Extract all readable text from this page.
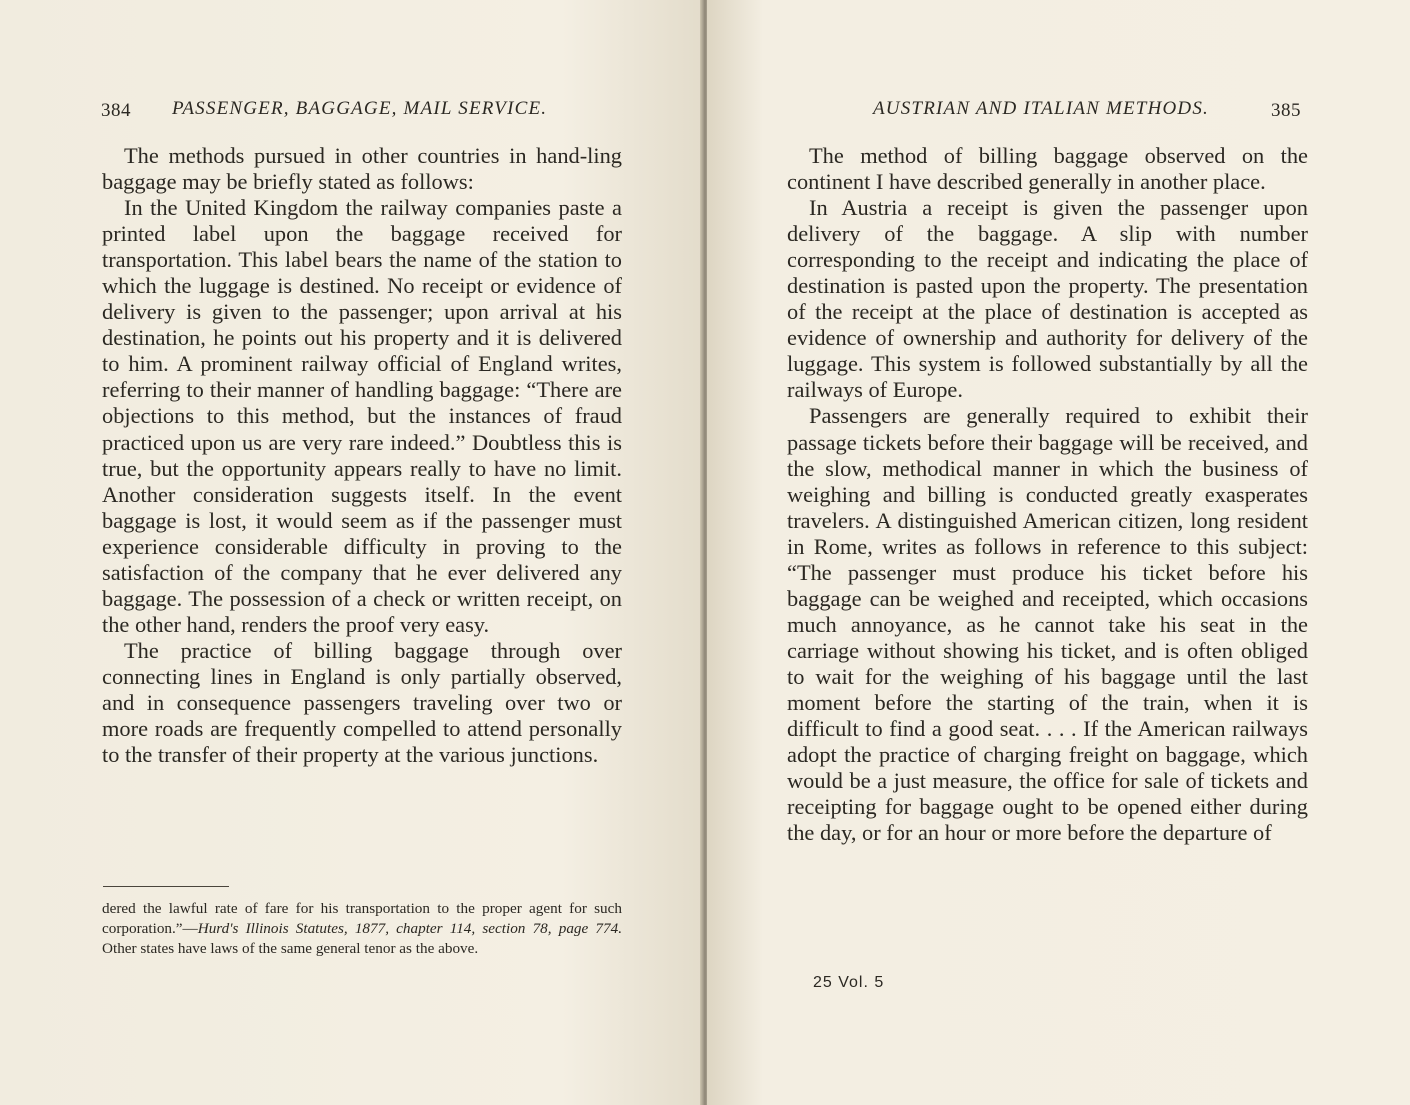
384 PASSENGER, BAGGAGE, MAIL SERVICE.

The methods pursued in other countries in hand-ling baggage may be briefly stated as follows:

In the United Kingdom the railway companies paste a printed label upon the baggage received for transportation. This label bears the name of the station to which the luggage is destined. No receipt or evidence of delivery is given to the passenger; upon arrival at his destination, he points out his property and it is delivered to him. A prominent railway official of England writes, referring to their manner of handling baggage: “There are objections to this method, but the instances of fraud practiced upon us are very rare indeed.” Doubtless this is true, but the opportunity appears really to have no limit. Another consideration suggests itself. In the event baggage is lost, it would seem as if the passenger must experience considerable difficulty in proving to the satisfaction of the company that he ever delivered any baggage. The possession of a check or written receipt, on the other hand, renders the proof very easy.

The practice of billing baggage through over connecting lines in England is only partially observed, and in consequence passengers traveling over two or more roads are frequently compelled to attend personally to the transfer of their property at the various junctions.

dered the lawful rate of fare for his transportation to the proper agent for such corporation.”—Hurd's Illinois Statutes, 1877, chapter 114, section 78, page 774. Other states have laws of the same general tenor as the above.
AUSTRIAN AND ITALIAN METHODS.	385

The method of billing baggage observed on the continent I have described generally in another place.

In Austria a receipt is given the passenger upon delivery of the baggage. A slip with number corresponding to the receipt and indicating the place of destination is pasted upon the property. The presentation of the receipt at the place of destination is accepted as evidence of ownership and authority for delivery of the luggage. This system is followed substantially by all the railways of Europe.

Passengers are generally required to exhibit their passage tickets before their baggage will be received, and the slow, methodical manner in which the business of weighing and billing is conducted greatly exasperates travelers. A distinguished American citizen, long resident in Rome, writes as follows in reference to this subject: “The passenger must produce his ticket before his baggage can be weighed and receipted, which occasions much annoyance, as he cannot take his seat in the carriage without showing his ticket, and is often obliged to wait for the weighing of his baggage until the last moment before the starting of the train, when it is difficult to find a good seat. . . . If the American railways adopt the practice of charging freight on baggage, which would be a just measure, the office for sale of tickets and receipting for baggage ought to be opened either during the day, or for an hour or more before the departure of

25 Vol. 5
